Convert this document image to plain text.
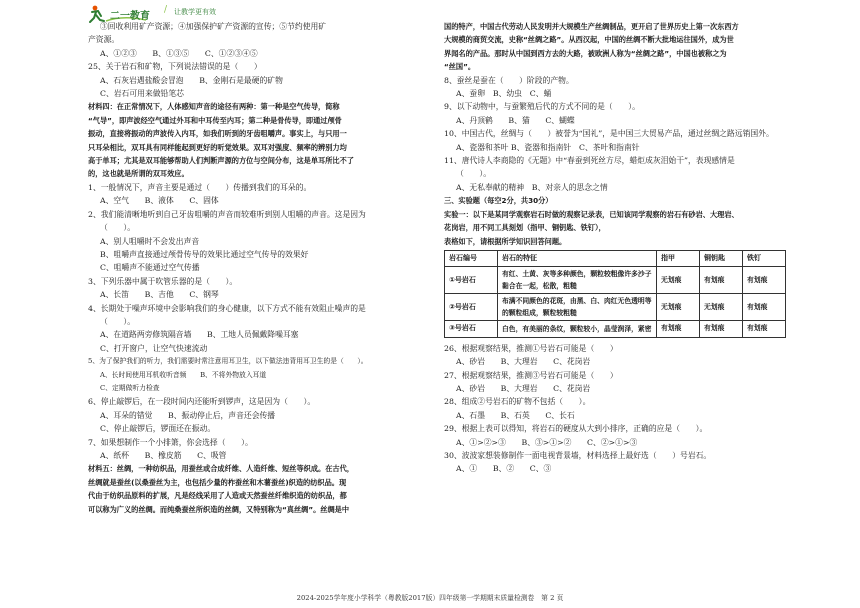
二一教育
/ 让教学更有效
③回收利用矿产资源；④加强保护矿产资源的宣传；⑤节约使用矿
产资源。
A、①②③　　B、①③⑤　　C、①②③④⑤
25、关于岩石和矿物，下列说法错误的是（　　）
A、石灰岩遇盐酸会冒泡　　B、金刚石是最硬的矿物
C、岩石可用来做铅笔芯
材料四：在正常情况下，人体感知声音的途径有两种：第一种是空气传导，简称
“气导”，即声波经空气通过外耳和中耳传至内耳；第二种是骨传导，即通过颅骨
振动，直接将振动的声波传入内耳，如我们听到的牙齿咀嚼声。事实上，与只用一
只耳朵相比，双耳具有同样能起到更好的听觉效果。双耳对强度、频率的辨别力均
高于单耳；尤其是双耳能够帮助人们判断声源的方位与空间分布，这是单耳所比不了
的，这也就是所谓的双耳效应。
1、一般情况下，声音主要是通过（　　）传播到我们的耳朵的。
A、空气　　B、液体　　C、固体
2、我们能清晰地听到自己牙齿咀嚼的声音而较难听到别人咀嚼的声音。这是因为
（　　）。
A、别人咀嚼时不会发出声音
B、咀嚼声直接通过颅骨传导的效果比通过空气传导的效果好
C、咀嚼声不能通过空气传播
3、下列乐器中属于吹管乐器的是（　　）。
A、长笛　　B、吉他　　C、钢琴
4、长期处于噪声环境中会影响我们的身心健康，以下方式不能有效阻止噪声的是
（　　）。
A、在道路两旁修筑隔音墙　　B、工地人员佩戴降噪耳塞
C、打开窗户，让空气快速流动
5、为了保护我们的听力，我们需要时常注意用耳卫生，以下做法违背用耳卫生的是（　　）。
A、长时间使用耳机收听音频　　B、不将外物放入耳道
C、定期做听力检查
6、停止敲锣后，在一段时间内还能听到锣声，这是因为（　　）。
A、耳朵的错觉　　B、振动停止后，声音还会传播
C、停止敲锣后，锣面还在振动。
7、如果想制作一个小排箫，你会选择（　　）。
A、纸杯　　B、橡皮筋　　C、吸管
材料五：丝绸，一种纺织品，用蚕丝或合成纤维、人造纤维、短丝等织成。在古代，
丝绸就是蚕丝(以桑蚕丝为主，也包括少量的柞蚕丝和木薯蚕丝)织造的纺织品。现
代由于纺织品原料的扩展，凡是经线采用了人造或天然蚕丝纤维织造的纺织品，都
可以称为广义的丝绸。而纯桑蚕丝所织造的丝绸，又特别称为“真丝绸”。丝绸是中
国的特产，中国古代劳动人民发明并大规模生产丝绸制品，更开启了世界历史上第一次东西方
大规模的商贸交流，史称“丝绸之路”。从西汉起，中国的丝绸不断大批地运往国外，成为世
界闻名的产品。那时从中国到西方去的大路，被欧洲人称为“丝绸之路”，中国也被称之为
“丝国”。
8、蚕丝是蚕在（　　）阶段的产物。
A、蚕卵　B、幼虫　C、蛹
9、以下动物中，与蚕繁殖后代的方式不同的是（　　）。
A、丹顶鹤　　B、猫　　C、蝴蝶
10、中国古代，丝绸与（　　）被誉为“国礼”，是中国三大贸易产品，通过丝绸之路远销国外。
A、瓷器和茶叶 B、瓷器和指南针　C、茶叶和指南针
11、唐代诗人李商隐的《无题》中“春蚕到死丝方尽，蜡炬成灰泪始干”，表现感情是
（　　）。
A、无私奉献的精神　B、对亲人的思念之情
三、实验题（每空2分，共30分）
实验一：以下是某同学观察岩石时做的观察记录表，已知该同学观察的岩石有砂岩、大理岩、
花岗岩，用不同工具刻划（指甲、铜钥匙、铁钉），
表格如下，请根据所学知识回答问题。
岩石编号	岩石的特征	指甲	铜钥匙	铁钉
①号岩石	有红、土黄、灰等多种颜色，颗粒较粗像许多沙子黏合在一起，松散，粗糙	无划痕	有划痕	有划痕
②号岩石	布满不同颜色的花斑，由黑、白、肉红无色透明等的颗粒组成，颗粒较粗糙	无划痕	无划痕	有划痕
③号岩石	白色，有美丽的条纹，颗粒较小，晶莹润泽，紧密	有划痕	有划痕	有划痕
26、根据观察结果，推测①号岩石可能是（　　）
A、砂岩　　B、大理岩　　C、花岗岩
27、根据观察结果，推测③号岩石可能是（　　）
A、砂岩　　B、大理岩　　C、花岗岩
28、组成②号岩石的矿物不包括（　　）。
A、石墨　　B、石英　　C、长石
29、根据上表可以得知，将岩石的硬度从大到小排序，正确的应是（　　）。
A、①>②>③　　B、③>①>②　　C、②>①>③
30、波波家想装修制作一面电视背景墙，材料选择上最好选（　　）号岩石。
A、①　　B、②　　C、③
2024-2025学年度小学科学（粤教版2017版）四年级第一学期期末质量检测卷　第 2 页
